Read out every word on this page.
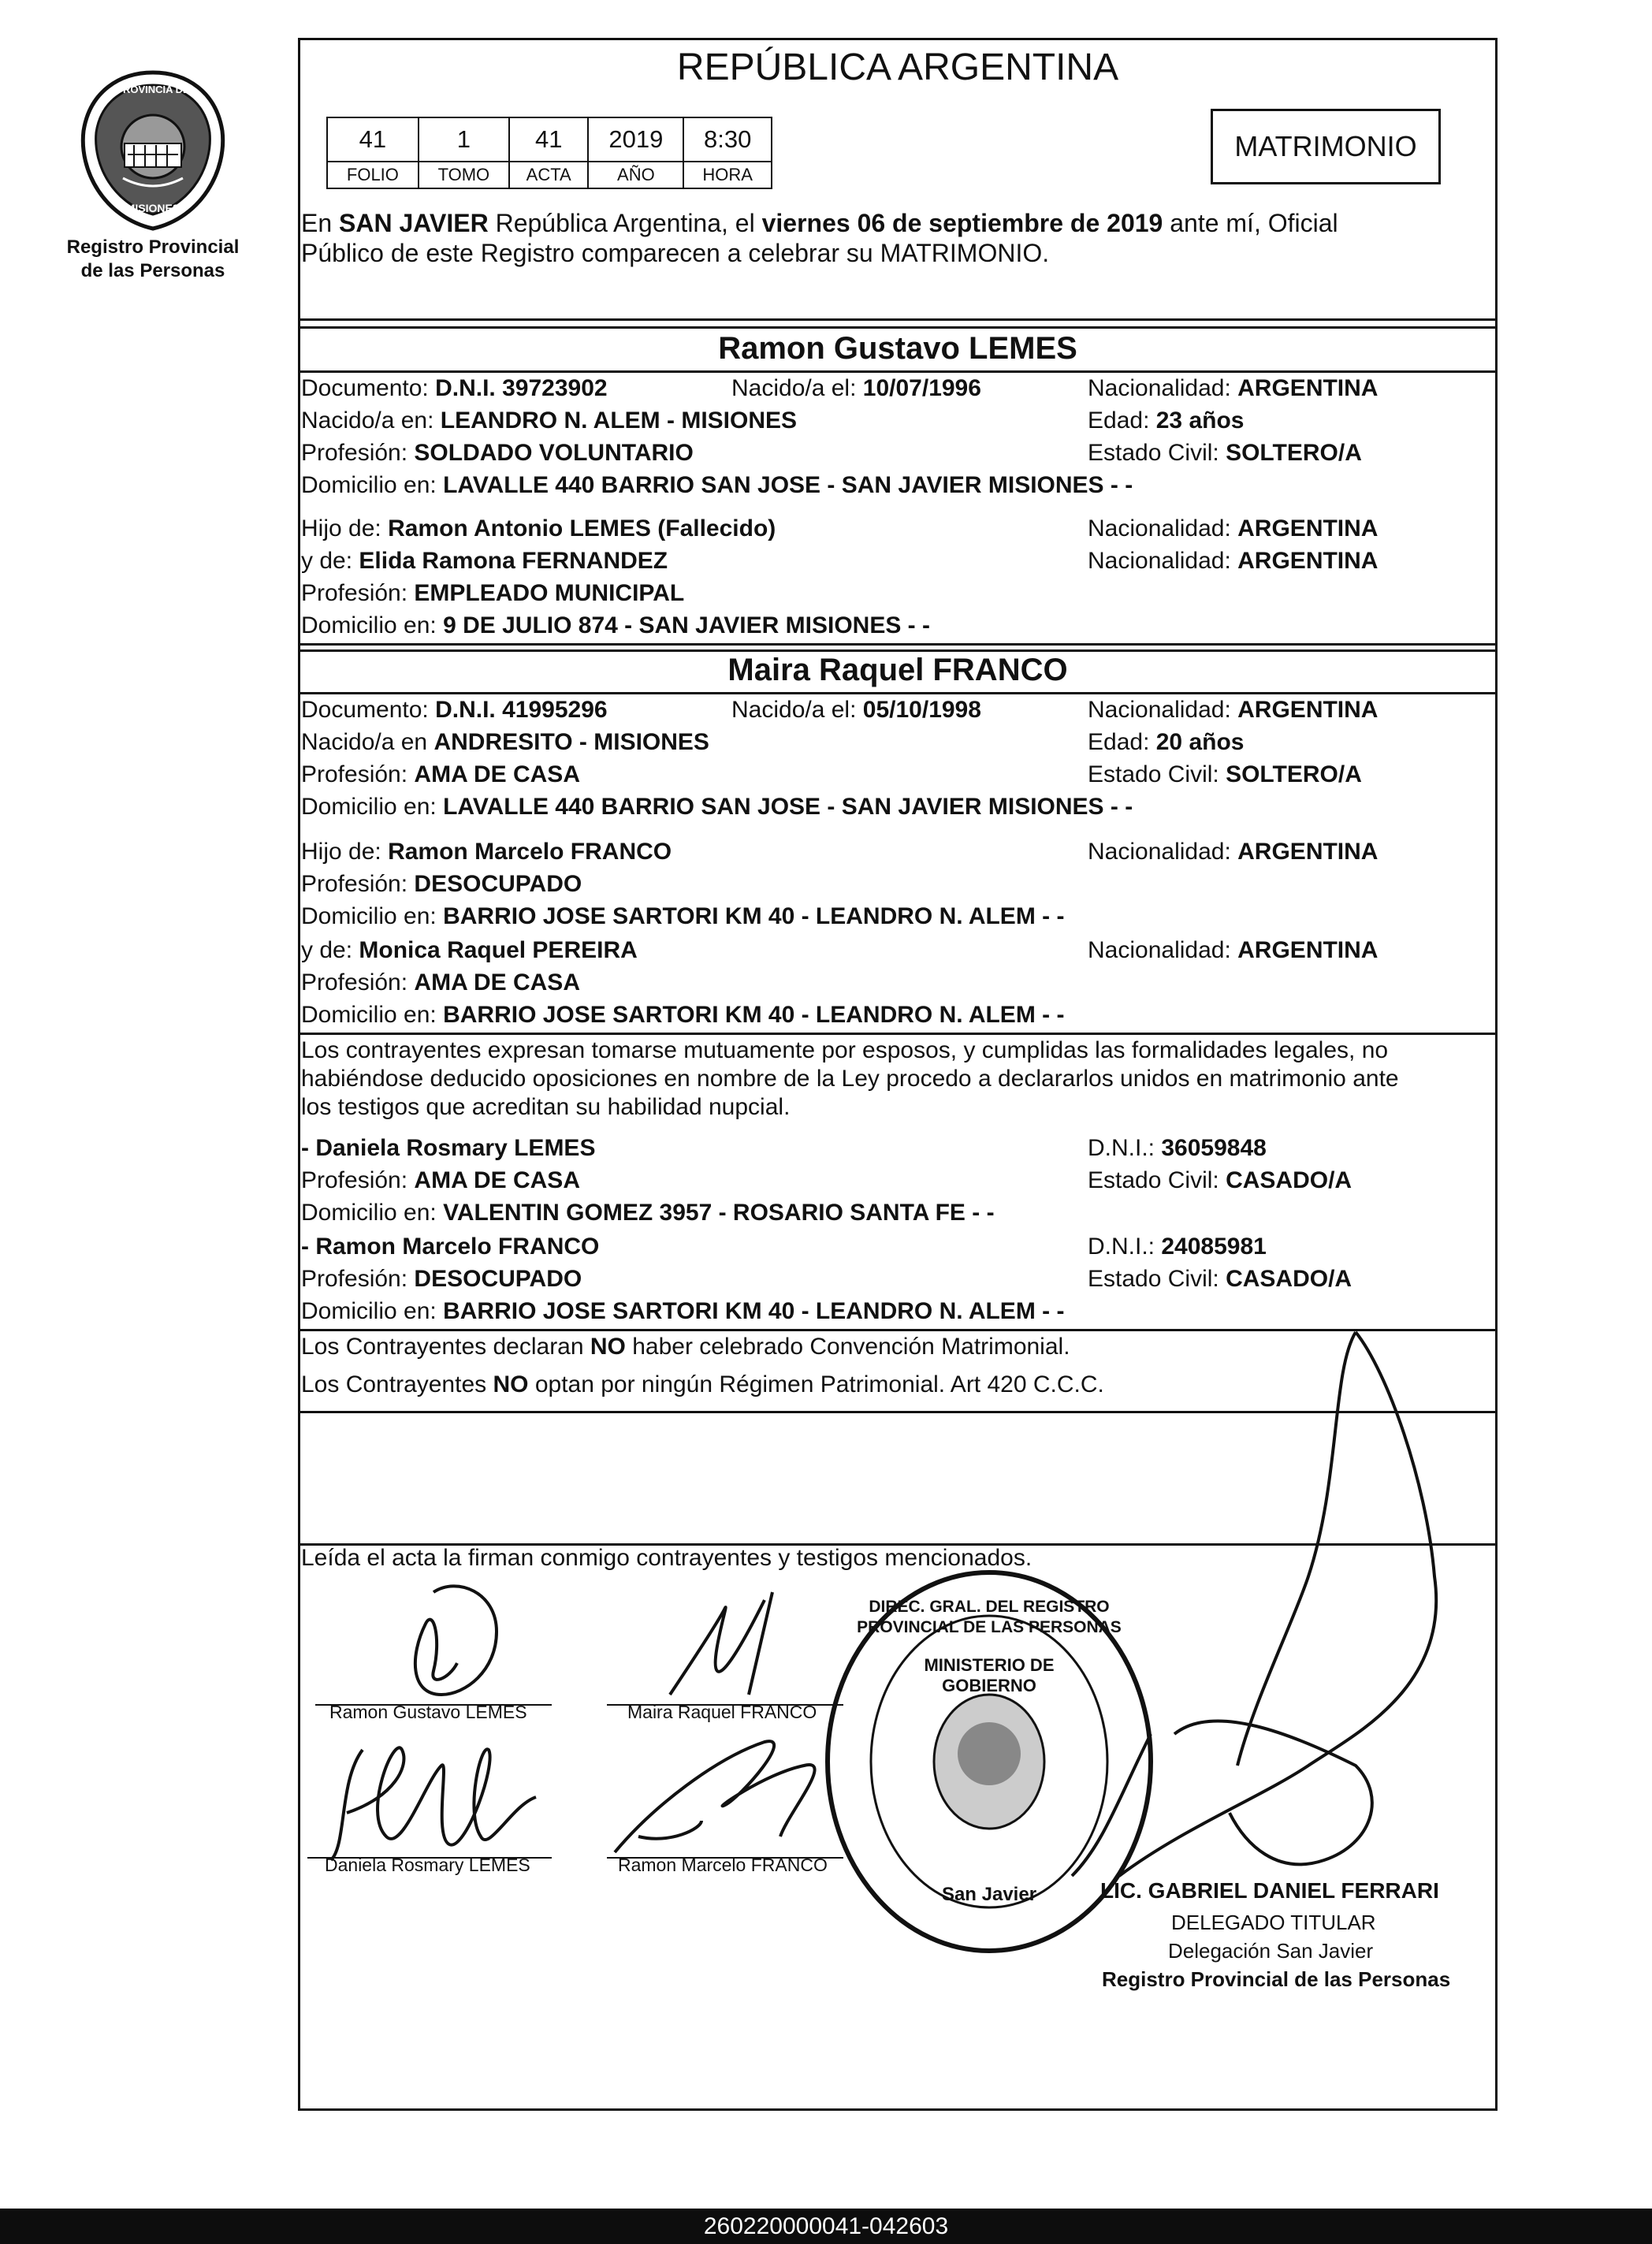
PROVINCIA DE
MISIONES
Registro Provincial
de las Personas
REPÚBLICA ARGENTINA
41	1	41	2019	8:30
FOLIO	TOMO	ACTA	AÑO	HORA
MATRIMONIO
En SAN JAVIER República Argentina, el viernes 06 de septiembre de 2019 ante mí, Oficial
Público de este Registro comparecen a celebrar su MATRIMONIO.
Ramon Gustavo LEMES
Documento: D.N.I. 39723902	Nacido/a el: 10/07/1996	Nacionalidad: ARGENTINA
Nacido/a en: LEANDRO N. ALEM - MISIONES	Edad: 23 años
Profesión: SOLDADO VOLUNTARIO	Estado Civil: SOLTERO/A
Domicilio en: LAVALLE 440 BARRIO SAN JOSE - SAN JAVIER MISIONES - -
Hijo de: Ramon Antonio LEMES (Fallecido)	Nacionalidad: ARGENTINA
y de: Elida Ramona FERNANDEZ	Nacionalidad: ARGENTINA
Profesión: EMPLEADO MUNICIPAL
Domicilio en: 9 DE JULIO 874 - SAN JAVIER MISIONES - -
Maira Raquel FRANCO
Documento: D.N.I. 41995296	Nacido/a el: 05/10/1998	Nacionalidad: ARGENTINA
Nacido/a en ANDRESITO - MISIONES	Edad: 20 años
Profesión: AMA DE CASA	Estado Civil: SOLTERO/A
Domicilio en: LAVALLE 440 BARRIO SAN JOSE - SAN JAVIER MISIONES - -
Hijo de: Ramon Marcelo FRANCO	Nacionalidad: ARGENTINA
Profesión: DESOCUPADO
Domicilio en: BARRIO JOSE SARTORI KM 40 - LEANDRO N. ALEM - -
y de: Monica Raquel PEREIRA	Nacionalidad: ARGENTINA
Profesión: AMA DE CASA
Domicilio en: BARRIO JOSE SARTORI KM 40 - LEANDRO N. ALEM - -
Los contrayentes expresan tomarse mutuamente por esposos, y cumplidas las formalidades legales, no
habiéndose deducido oposiciones en nombre de la Ley procedo a declararlos unidos en matrimonio ante
los testigos que acreditan su habilidad nupcial.
- Daniela Rosmary LEMES	D.N.I.: 36059848
Profesión: AMA DE CASA	Estado Civil: CASADO/A
Domicilio en: VALENTIN GOMEZ 3957 - ROSARIO SANTA FE - -
- Ramon Marcelo FRANCO	D.N.I.: 24085981
Profesión: DESOCUPADO	Estado Civil: CASADO/A
Domicilio en: BARRIO JOSE SARTORI KM 40 - LEANDRO N. ALEM - -
Los Contrayentes declaran NO haber celebrado Convención Matrimonial.
Los Contrayentes NO optan por ningún Régimen Patrimonial. Art 420 C.C.C.
Leída el acta la firman conmigo contrayentes y testigos mencionados.
Ramon Gustavo LEMES	Maira Raquel FRANCO
Daniela Rosmary LEMES	Ramon Marcelo FRANCO
DIREC. GRAL. DEL REGISTRO PROVINCIAL DE LAS PERSONAS
MINISTERIO DE GOBIERNO
San Javier	LIC. GABRIEL DANIEL FERRARI
DELEGADO TITULAR
Delegación San Javier
Registro Provincial de las Personas
260220000041-042603
